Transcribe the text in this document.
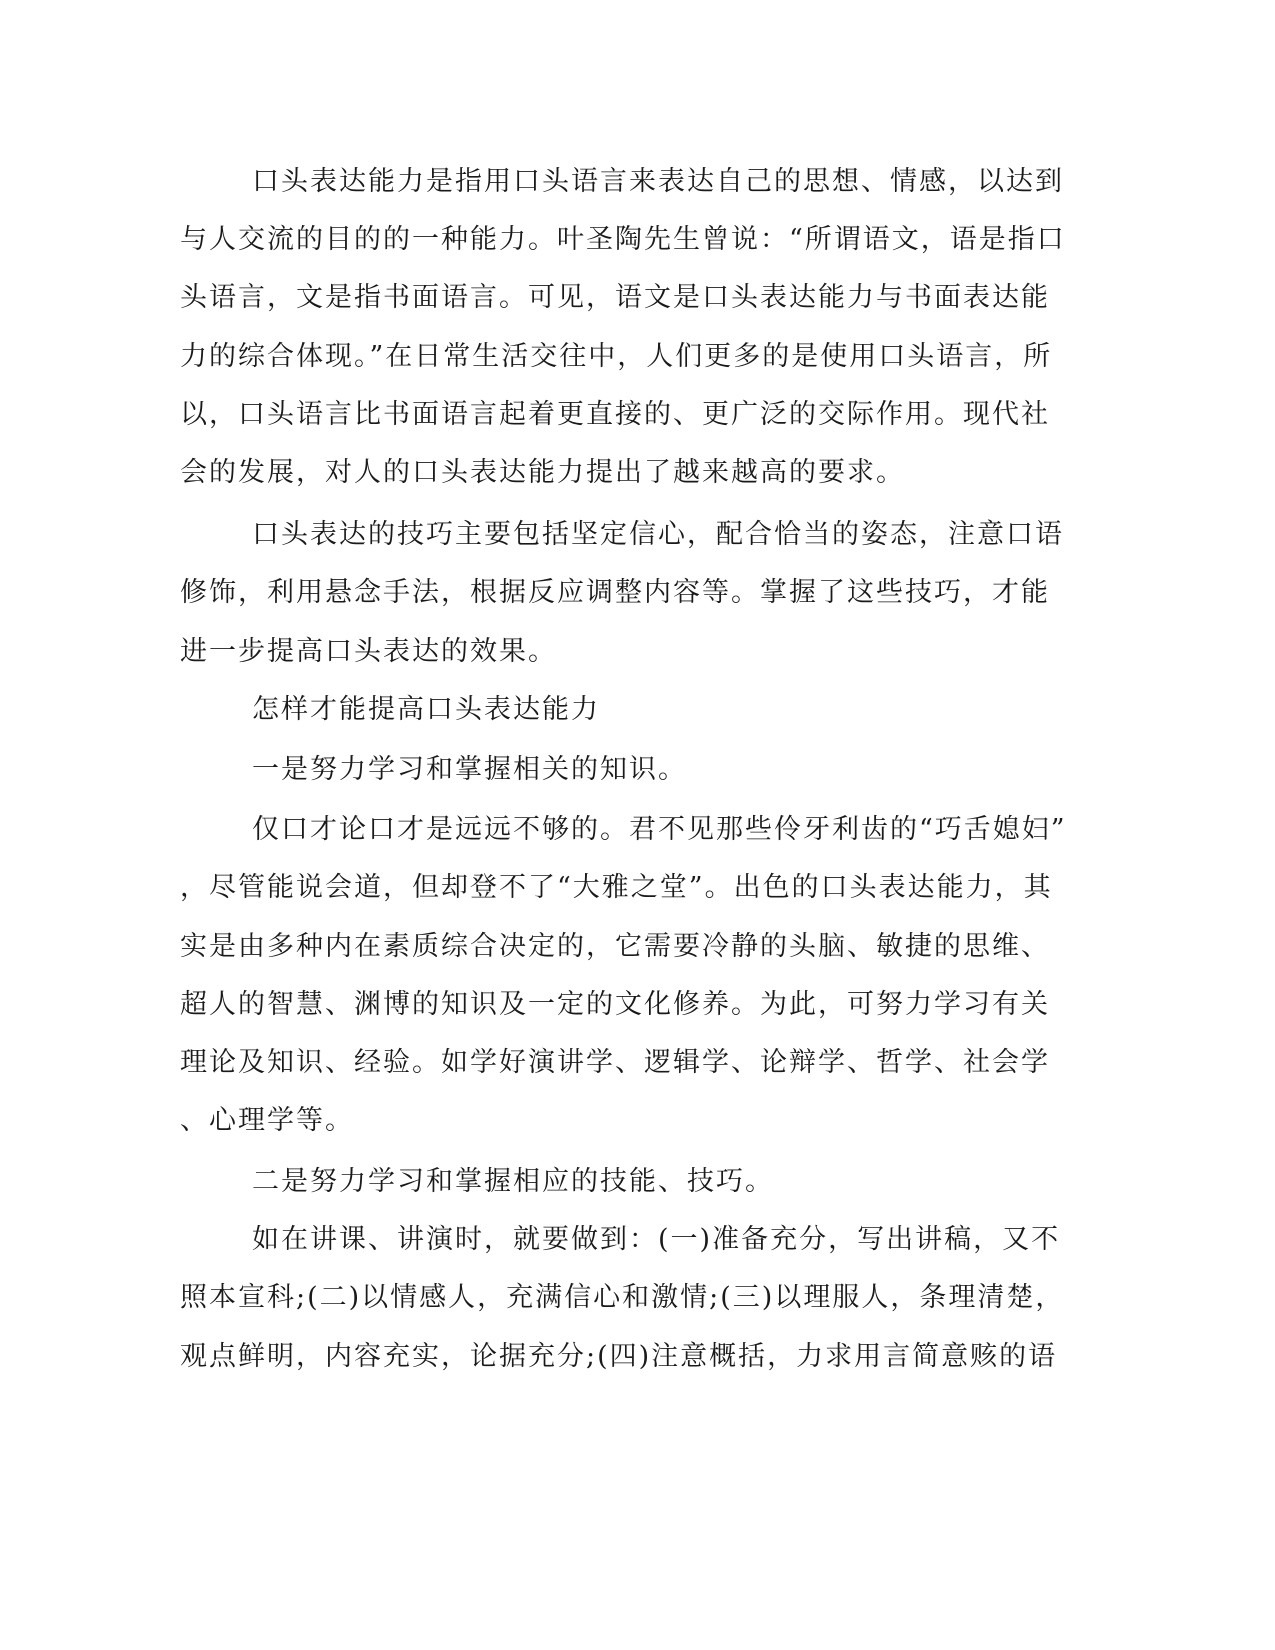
口头表达能力是指用口头语言来表达自己的思想、情感，以达到
与人交流的目的的一种能力。叶圣陶先生曾说：“所谓语文，语是指口
头语言，文是指书面语言。可见，语文是口头表达能力与书面表达能
力的综合体现。”在日常生活交往中，人们更多的是使用口头语言，所
以，口头语言比书面语言起着更直接的、更广泛的交际作用。现代社
会的发展，对人的口头表达能力提出了越来越高的要求。
口头表达的技巧主要包括坚定信心，配合恰当的姿态，注意口语
修饰，利用悬念手法，根据反应调整内容等。掌握了这些技巧，才能
进一步提高口头表达的效果。
怎样才能提高口头表达能力
一是努力学习和掌握相关的知识。
仅口才论口才是远远不够的。君不见那些伶牙利齿的“巧舌媳妇”
，尽管能说会道，但却登不了“大雅之堂”。出色的口头表达能力，其
实是由多种内在素质综合决定的，它需要冷静的头脑、敏捷的思维、
超人的智慧、渊博的知识及一定的文化修养。为此，可努力学习有关
理论及知识、经验。如学好演讲学、逻辑学、论辩学、哲学、社会学
、心理学等。
二是努力学习和掌握相应的技能、技巧。
如在讲课、讲演时，就要做到：(一)准备充分，写出讲稿，又不
照本宣科;(二)以情感人，充满信心和激情;(三)以理服人，条理清楚，
观点鲜明，内容充实，论据充分;(四)注意概括，力求用言简意赅的语
